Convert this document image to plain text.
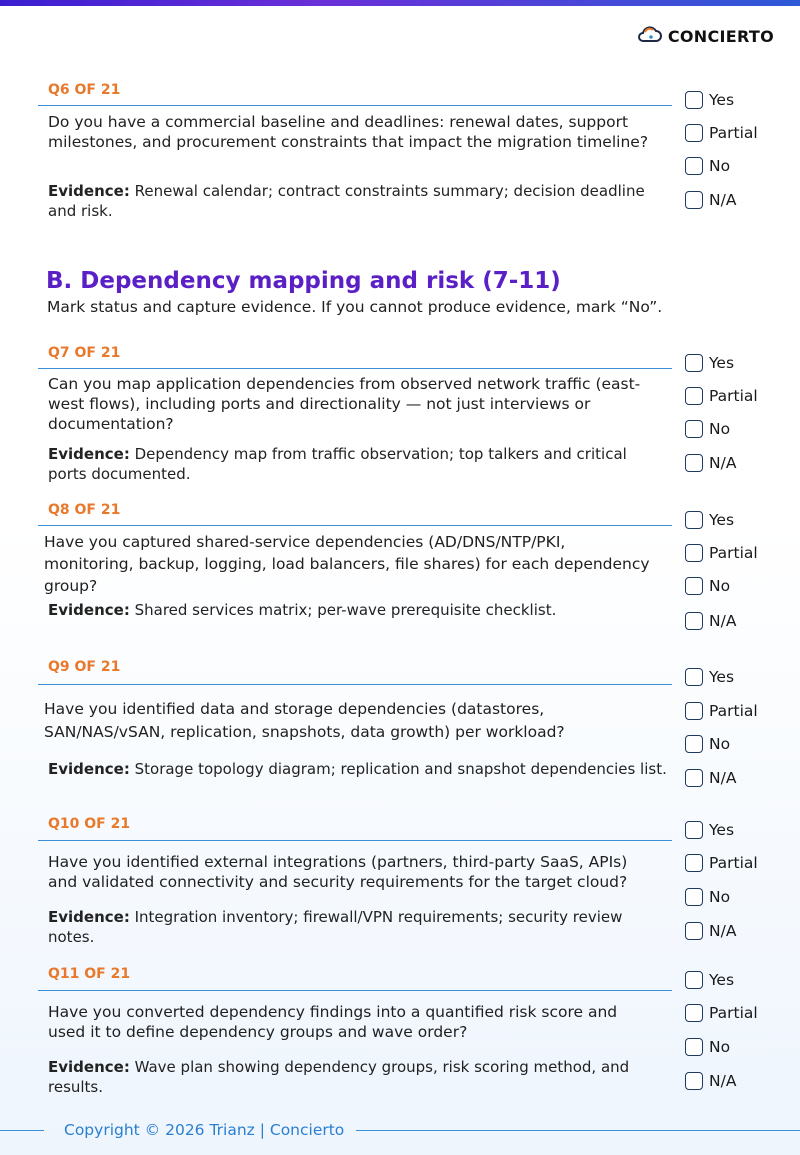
CONCIERTO
Q6 OF 21
Do you have a commercial baseline and deadlines: renewal dates, support milestones, and procurement constraints that impact the migration timeline?
Evidence: Renewal calendar; contract constraints summary; decision deadline and risk.
Yes
Partial
No
N/A
B. Dependency mapping and risk (7-11)
Mark status and capture evidence. If you cannot produce evidence, mark “No”.
Q7 OF 21
Can you map application dependencies from observed network traffic (east-west flows), including ports and directionality — not just interviews or documentation?
Evidence: Dependency map from traffic observation; top talkers and critical ports documented.
Yes
Partial
No
N/A
Q8 OF 21
Have you captured shared-service dependencies (AD/DNS/NTP/PKI, monitoring, backup, logging, load balancers, file shares) for each dependency group?
Evidence: Shared services matrix; per-wave prerequisite checklist.
Yes
Partial
No
N/A
Q9 OF 21
Have you identified data and storage dependencies (datastores, SAN/NAS/vSAN, replication, snapshots, data growth) per workload?
Evidence: Storage topology diagram; replication and snapshot dependencies list.
Yes
Partial
No
N/A
Q10 OF 21
Have you identified external integrations (partners, third-party SaaS, APIs) and validated connectivity and security requirements for the target cloud?
Evidence: Integration inventory; firewall/VPN requirements; security review notes.
Yes
Partial
No
N/A
Q11 OF 21
Have you converted dependency findings into a quantified risk score and used it to define dependency groups and wave order?
Evidence: Wave plan showing dependency groups, risk scoring method, and results.
Yes
Partial
No
N/A
Copyright © 2026 Trianz | Concierto
